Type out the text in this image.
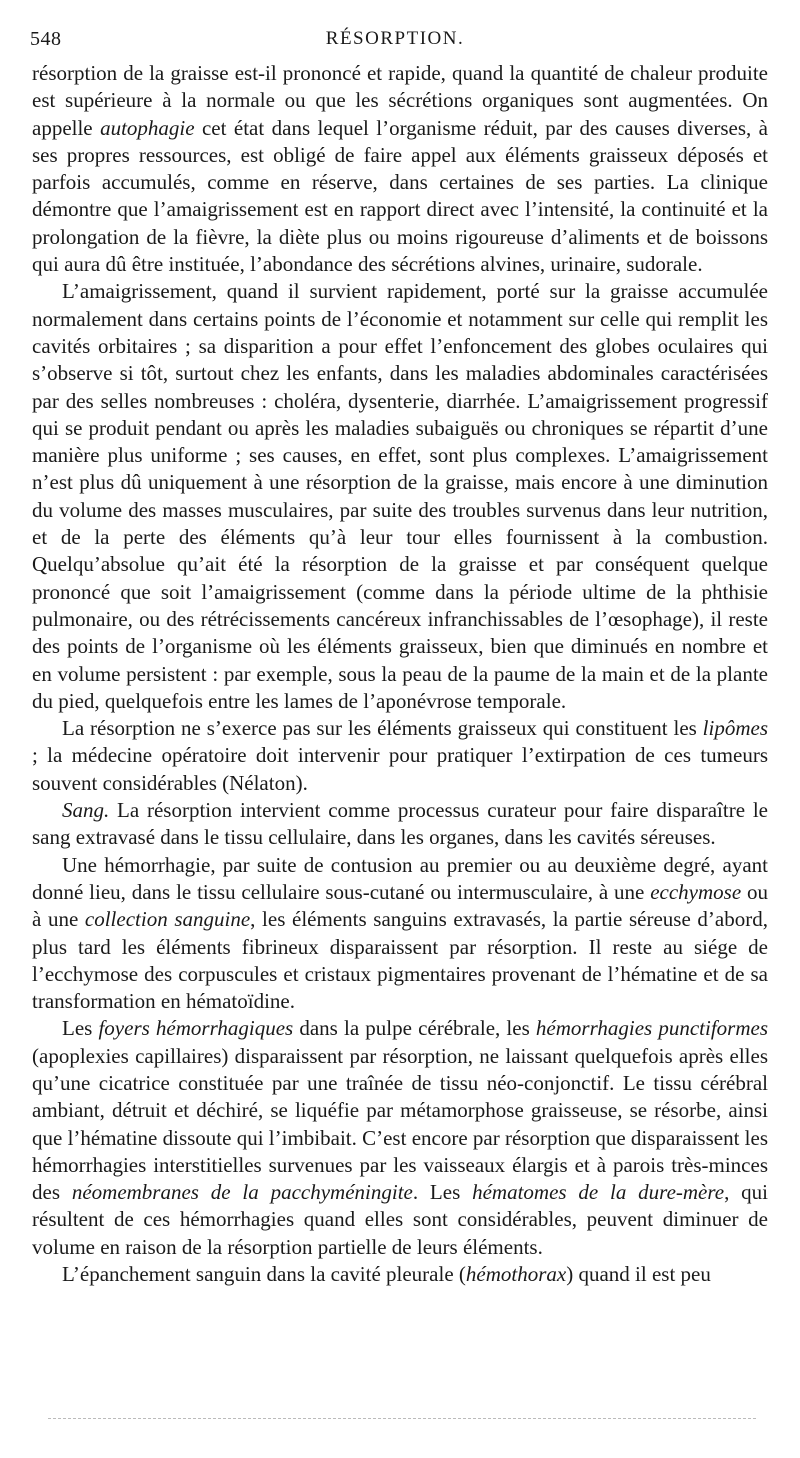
548	RÉSORPTION.

résorption de la graisse est-il prononcé et rapide, quand la quantité de chaleur produite est supérieure à la normale ou que les sécrétions organiques sont augmentées. On appelle autophagie cet état dans lequel l’organisme réduit, par des causes diverses, à ses propres ressources, est obligé de faire appel aux éléments graisseux déposés et parfois accumulés, comme en réserve, dans certaines de ses parties. La clinique démontre que l’amaigrissement est en rapport direct avec l’intensité, la continuité et la prolongation de la fièvre, la diète plus ou moins rigoureuse d’aliments et de boissons qui aura dû être instituée, l’abondance des sécrétions alvines, urinaire, sudorale.

L’amaigrissement, quand il survient rapidement, porté sur la graisse accumulée normalement dans certains points de l’économie et notamment sur celle qui remplit les cavités orbitaires ; sa disparition a pour effet l’enfoncement des globes oculaires qui s’observe si tôt, surtout chez les enfants, dans les maladies abdominales caractérisées par des selles nombreuses : choléra, dysenterie, diarrhée. L’amaigrissement progressif qui se produit pendant ou après les maladies subaiguës ou chroniques se répartit d’une manière plus uniforme ; ses causes, en effet, sont plus complexes. L’amaigrissement n’est plus dû uniquement à une résorption de la graisse, mais encore à une diminution du volume des masses musculaires, par suite des troubles survenus dans leur nutrition, et de la perte des éléments qu’à leur tour elles fournissent à la combustion. Quelqu’absolue qu’ait été la résorption de la graisse et par conséquent quelque prononcé que soit l’amaigrissement (comme dans la période ultime de la phthisie pulmonaire, ou des rétrécissements cancéreux infranchissables de l’œsophage), il reste des points de l’organisme où les éléments graisseux, bien que diminués en nombre et en volume persistent : par exemple, sous la peau de la paume de la main et de la plante du pied, quelquefois entre les lames de l’aponévrose temporale.

La résorption ne s’exerce pas sur les éléments graisseux qui constituent les lipômes ; la médecine opératoire doit intervenir pour pratiquer l’extirpation de ces tumeurs souvent considérables (Nélaton).

Sang. La résorption intervient comme processus curateur pour faire disparaître le sang extravasé dans le tissu cellulaire, dans les organes, dans les cavités séreuses.

Une hémorrhagie, par suite de contusion au premier ou au deuxième degré, ayant donné lieu, dans le tissu cellulaire sous-cutané ou intermusculaire, à une ecchymose ou à une collection sanguine, les éléments sanguins extravasés, la partie séreuse d’abord, plus tard les éléments fibrineux disparaissent par résorption. Il reste au siége de l’ecchymose des corpuscules et cristaux pigmentaires provenant de l’hématine et de sa transformation en hématoïdine.

Les foyers hémorrhagiques dans la pulpe cérébrale, les hémorrhagies punctiformes (apoplexies capillaires) disparaissent par résorption, ne laissant quelquefois après elles qu’une cicatrice constituée par une traînée de tissu néo-conjonctif. Le tissu cérébral ambiant, détruit et déchiré, se liquéfie par métamorphose graisseuse, se résorbe, ainsi que l’hématine dissoute qui l’imbibait. C’est encore par résorption que disparaissent les hémorrhagies interstitielles survenues par les vaisseaux élargis et à parois très-minces des néomembranes de la pacchyméningite. Les hématomes de la dure-mère, qui résultent de ces hémorrhagies quand elles sont considérables, peuvent diminuer de volume en raison de la résorption partielle de leurs éléments.

L’épanchement sanguin dans la cavité pleurale (hémothorax) quand il est peu
